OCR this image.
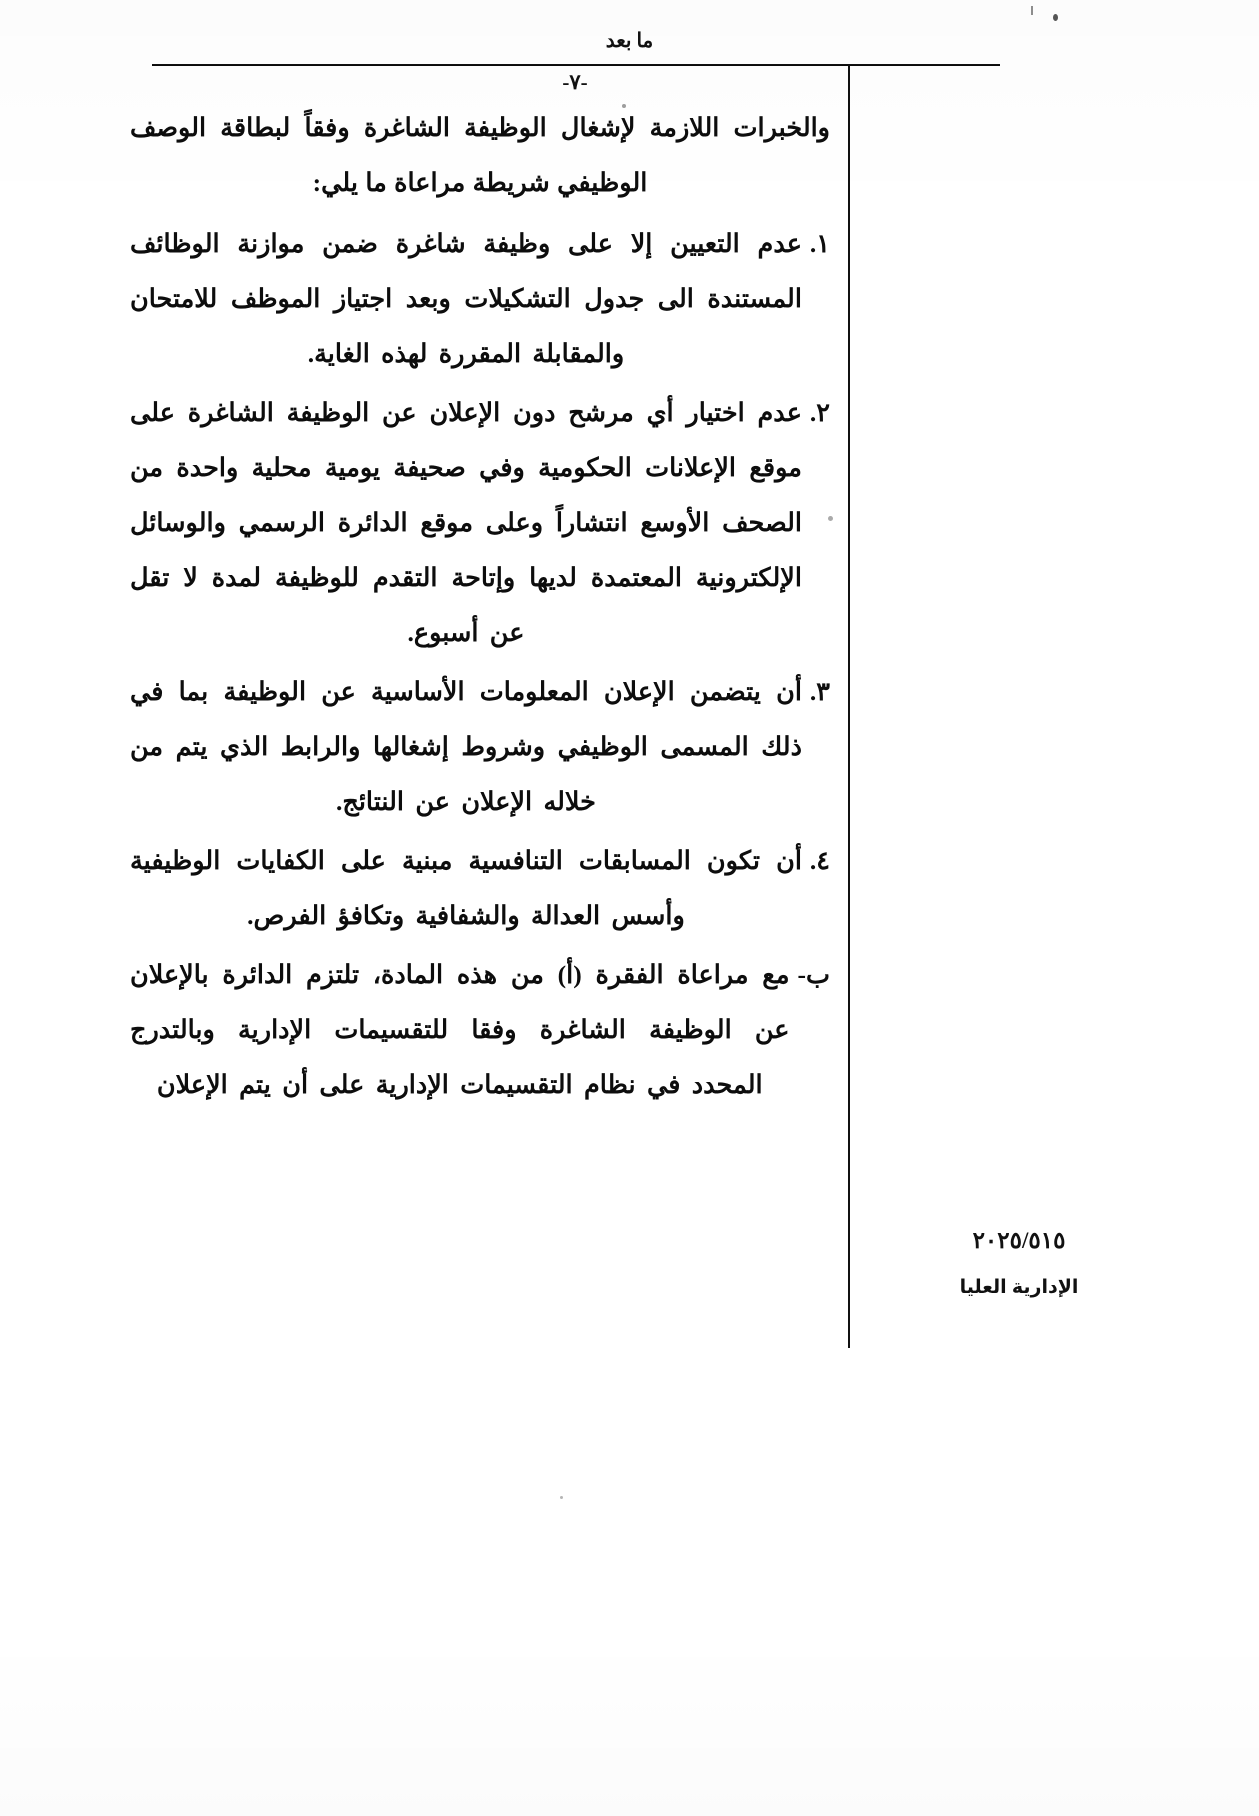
ما بعد
-٧-

والخبرات اللازمة لإشغال الوظيفة الشاغرة وفقاً لبطاقة الوصف الوظيفي شريطة مراعاة ما يلي:

١.
عدم التعيين إلا على وظيفة شاغرة ضمن موازنة الوظائف المستندة الى جدول التشكيلات وبعد اجتياز الموظف للامتحان والمقابلة المقررة لهذه الغاية.
٢.
عدم اختيار أي مرشح دون الإعلان عن الوظيفة الشاغرة على موقع الإعلانات الحكومية وفي صحيفة يومية محلية واحدة من الصحف الأوسع انتشاراً وعلى موقع الدائرة الرسمي والوسائل الإلكترونية المعتمدة لديها وإتاحة التقدم للوظيفة لمدة لا تقل عن أسبوع.
٣.
أن يتضمن الإعلان المعلومات الأساسية عن الوظيفة بما في ذلك المسمى الوظيفي وشروط إشغالها والرابط الذي يتم من خلاله الإعلان عن النتائج.
٤.
أن تكون المسابقات التنافسية مبنية على الكفايات الوظيفية وأسس العدالة والشفافية وتكافؤ الفرص.
ب-
مع مراعاة الفقرة (أ) من هذه المادة، تلتزم الدائرة بالإعلان عن الوظيفة الشاغرة وفقا للتقسيمات الإدارية وبالتدرج المحدد في نظام التقسيمات الإدارية على أن يتم الإعلان
٢٠٢٥/٥١٥
الإدارية العليا
